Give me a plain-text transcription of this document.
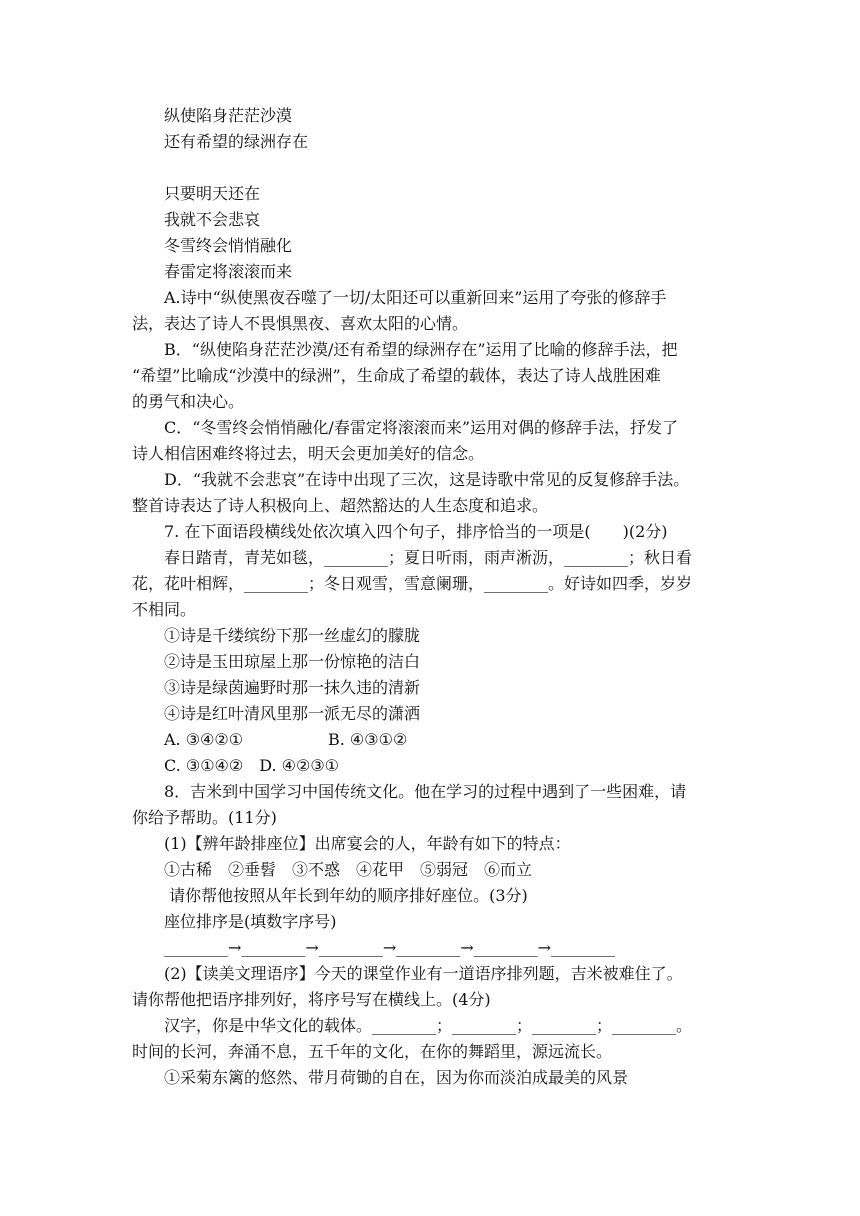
纵使陷身茫茫沙漠
还有希望的绿洲存在
只要明天还在
我就不会悲哀
冬雪终会悄悄融化
春雷定将滚滚而来
A.诗中“纵使黑夜吞噬了一切/太阳还可以重新回来”运用了夸张的修辞手
法，表达了诗人不畏惧黑夜、喜欢太阳的心情。
B．“纵使陷身茫茫沙漠/还有希望的绿洲存在”运用了比喻的修辞手法，把
“希望”比喻成“沙漠中的绿洲”，生命成了希望的载体，表达了诗人战胜困难
的勇气和决心。
C．“冬雪终会悄悄融化/春雷定将滚滚而来”运用对偶的修辞手法，抒发了
诗人相信困难终将过去，明天会更加美好的信念。
D．“我就不会悲哀”在诗中出现了三次，这是诗歌中常见的反复修辞手法。
整首诗表达了诗人积极向上、超然豁达的人生态度和追求。
7. 在下面语段横线处依次填入四个句子，排序恰当的一项是(　　)(2分)
春日踏青，青芜如毯，________；夏日听雨，雨声淅沥，________；秋日看
花，花叶相辉，________；冬日观雪，雪意阑珊，________。好诗如四季，岁岁
不相同。
①诗是千缕缤纷下那一丝虚幻的朦胧
②诗是玉田琼屋上那一份惊艳的洁白
③诗是绿茵遍野时那一抹久违的清新
④诗是红叶清风里那一派无尽的潇洒
A. ③④②①	B. ④③①②
C. ③①④②　D. ④②③①
8．吉米到中国学习中国传统文化。他在学习的过程中遇到了一些困难，请
你给予帮助。(11分)
(1)【辨年龄排座位】出席宴会的人，年龄有如下的特点：
①古稀　②垂髫　③不惑　④花甲　⑤弱冠　⑥而立
请你帮他按照从年长到年幼的顺序排好座位。(3分)
座位排序是(填数字序号)
________→________→________→________→________→________
(2)【读美文理语序】今天的课堂作业有一道语序排列题，吉米被难住了。
请你帮他把语序排列好，将序号写在横线上。(4分)
汉字，你是中华文化的载体。________；________；________；________。
时间的长河，奔涌不息，五千年的文化，在你的舞蹈里，源远流长。
①采菊东篱的悠然、带月荷锄的自在，因为你而淡泊成最美的风景
